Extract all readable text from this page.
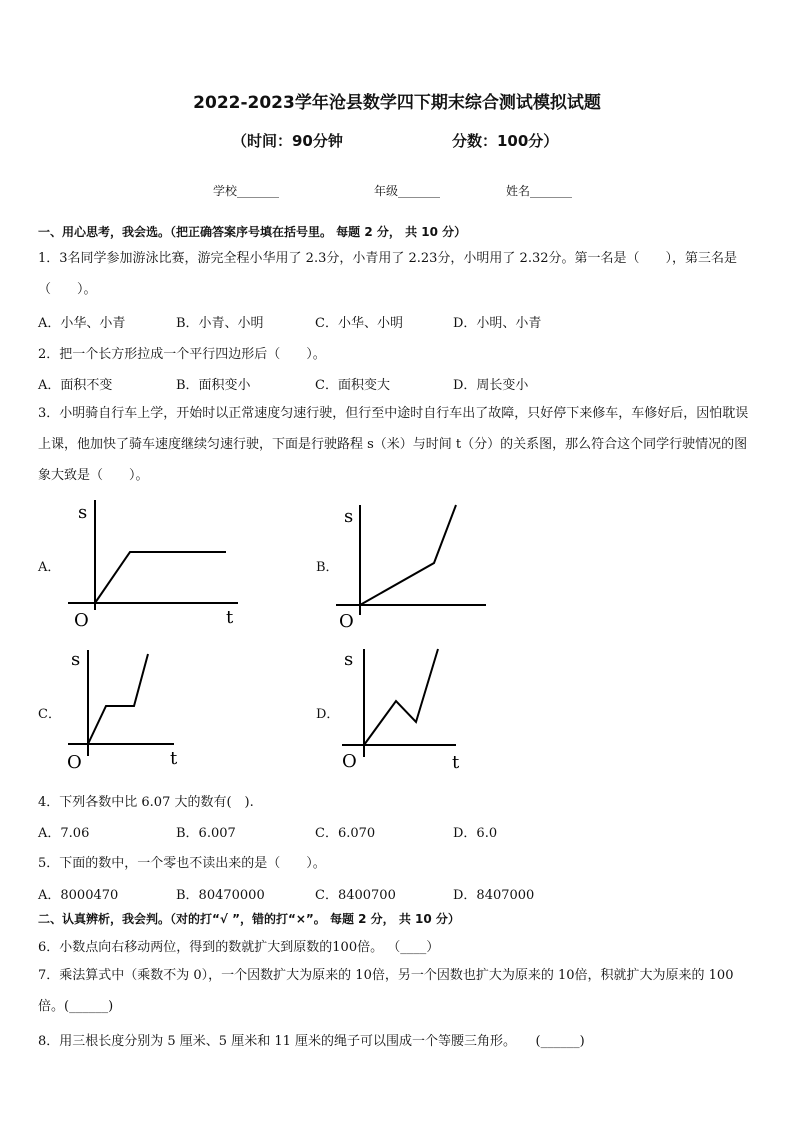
2022-2023学年沧县数学四下期末综合测试模拟试题
（时间：90分钟	分数：100分）
学校_______	年级_______	姓名_______
一、用心思考，我会选。（把正确答案序号填在括号里。 每题 2 分， 共 10 分）
1．3名同学参加游泳比赛，游完全程小华用了 2.3分，小青用了 2.23分，小明用了 2.32分。第一名是（　　），第三名是（　　）。
A．小华、小青	B．小青、小明	C．小华、小明	D．小明、小青
2．把一个长方形拉成一个平行四边形后（　　）。
A．面积不变	B．面积变小	C．面积变大	D．周长变小
3．小明骑自行车上学，开始时以正常速度匀速行驶，但行至中途时自行车出了故障，只好停下来修车，车修好后，因怕耽误上课，他加快了骑车速度继续匀速行驶，下面是行驶路程 s（米）与时间 t（分）的关系图，那么符合这个同学行驶情况的图象大致是（　　）。
A．
s
t
O
B．
s
O
C．
s
t
O
D．
s
t
O
4．下列各数中比 6.07 大的数有(　).
A．7.06	B．6.007	C．6.070	D．6.0
5．下面的数中，一个零也不读出来的是（　　）。
A．8000470	B．80470000	C．8400700	D．8407000
二、认真辨析，我会判。（对的打“√ ”，错的打“×”。 每题 2 分， 共 10 分）
6．小数点向右移动两位，得到的数就扩大到原数的100倍。 （____）
7．乘法算式中（乘数不为 0），一个因数扩大为原来的 10倍，另一个因数也扩大为原来的 10倍，积就扩大为原来的 100倍。(______)
8．用三根长度分别为 5 厘米、5 厘米和 11 厘米的绳子可以围成一个等腰三角形。　　(______)
